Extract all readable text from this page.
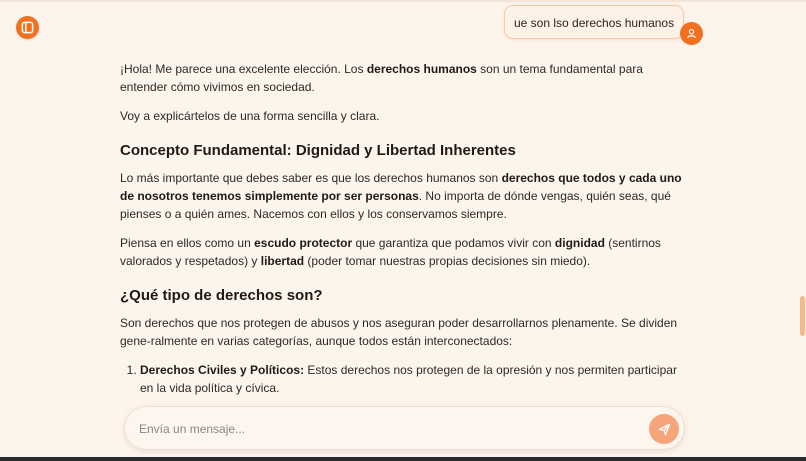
ue son lso derechos humanos

¡Hola! Me parece una excelente elección. Los derechos humanos son un tema fundamental para entender cómo vivimos en sociedad.

Voy a explicártelos de una forma sencilla y clara.

Concepto Fundamental: Dignidad y Libertad Inherentes

Lo más importante que debes saber es que los derechos humanos son derechos que todos y cada uno de nosotros tenemos simplemente por ser personas. No importa de dónde vengas, quién seas, qué pienses o a quién ames. Nacemos con ellos y los conservamos siempre.

Piensa en ellos como un escudo protector que garantiza que podamos vivir con dignidad (sentirnos valorados y respetados) y libertad (poder tomar nuestras propias decisiones sin miedo).

¿Qué tipo de derechos son?

Son derechos que nos protegen de abusos y nos aseguran poder desarrollarnos plenamente. Se dividen gene-ralmente en varias categorías, aunque todos están interconectados:

1. Derechos Civiles y Políticos: Estos derechos nos protegen de la opresión y nos permiten participar en la vida política y cívica.
Envía un mensaje...
